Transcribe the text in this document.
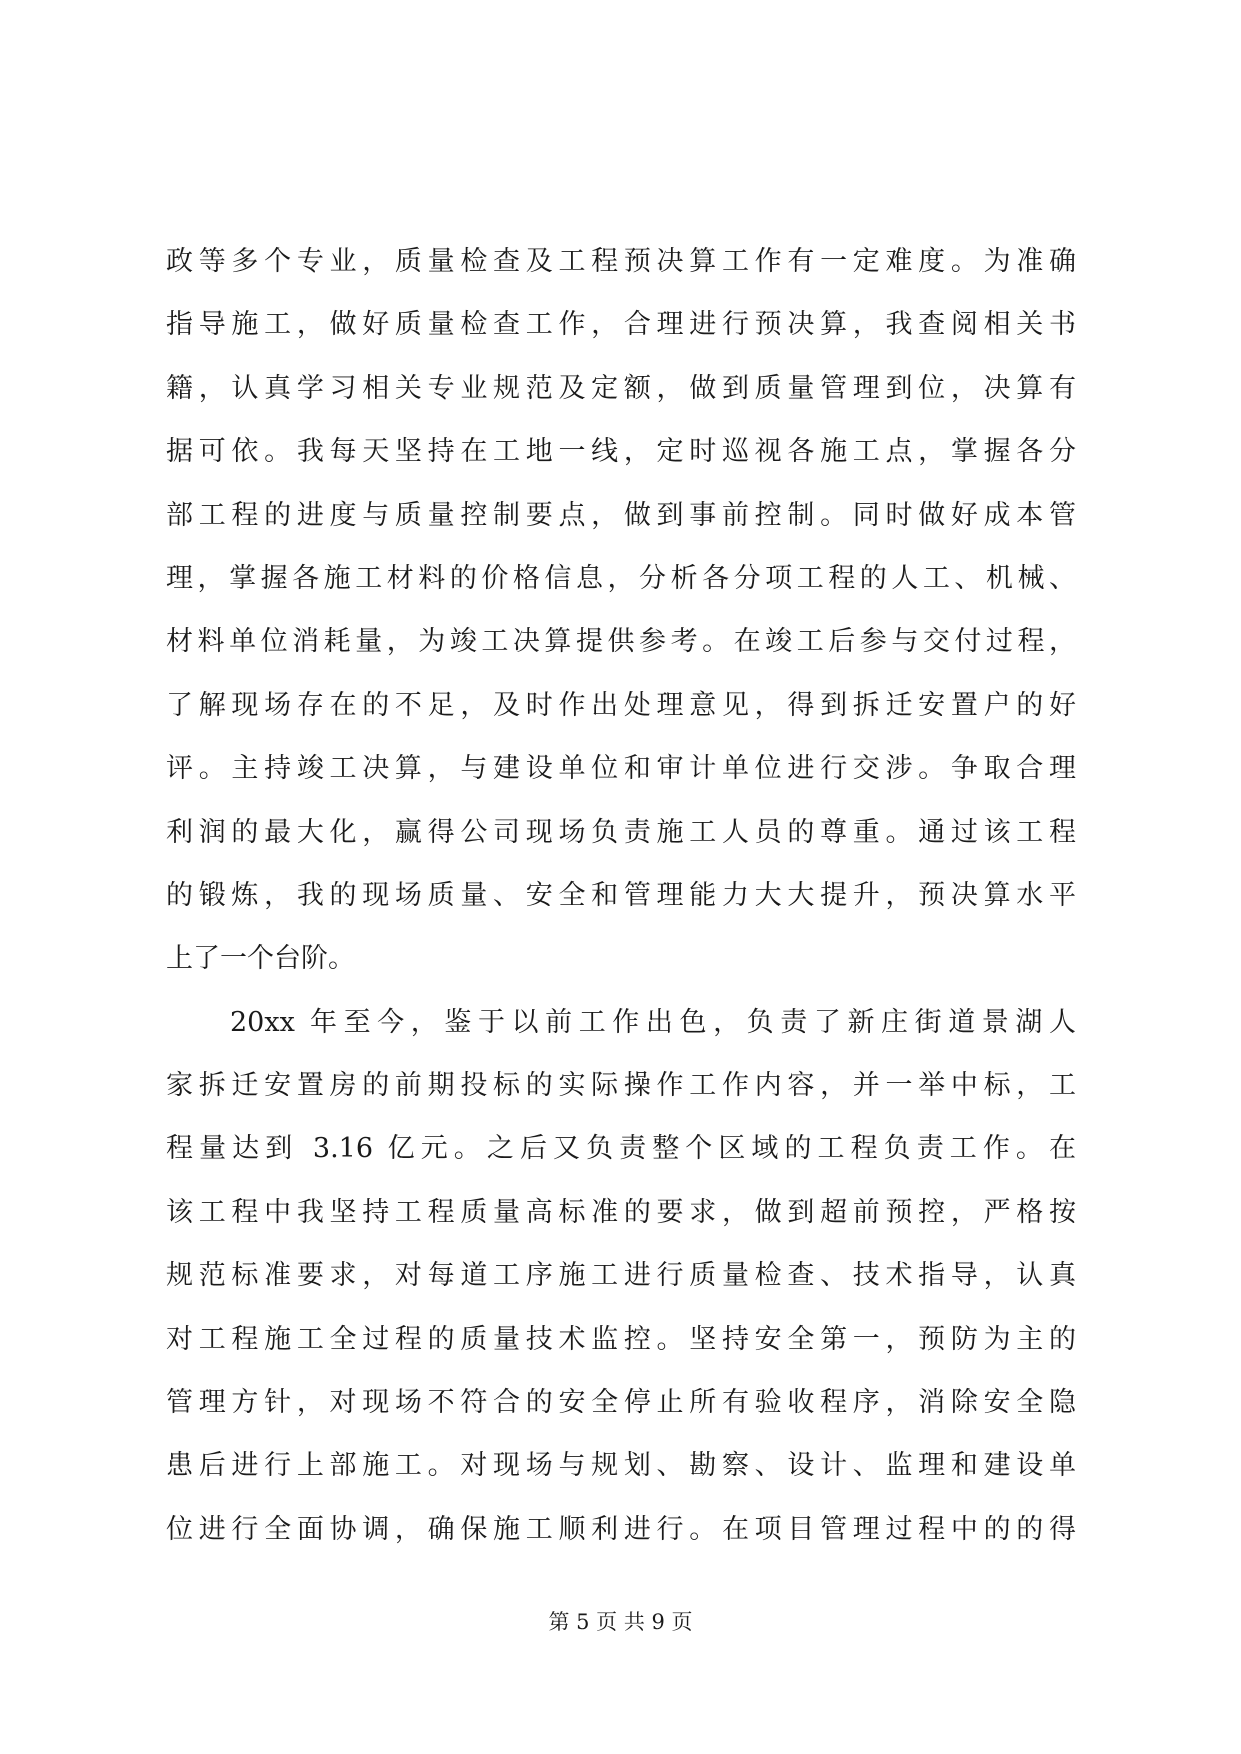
政等多个专业，质量检查及工程预决算工作有一定难度。为准确
指导施工，做好质量检查工作，合理进行预决算，我查阅相关书
籍，认真学习相关专业规范及定额，做到质量管理到位，决算有
据可依。我每天坚持在工地一线，定时巡视各施工点，掌握各分
部工程的进度与质量控制要点，做到事前控制。同时做好成本管
理，掌握各施工材料的价格信息，分析各分项工程的人工、机械、
材料单位消耗量，为竣工决算提供参考。在竣工后参与交付过程，
了解现场存在的不足，及时作出处理意见，得到拆迁安置户的好
评。主持竣工决算，与建设单位和审计单位进行交涉。争取合理
利润的最大化，赢得公司现场负责施工人员的尊重。通过该工程
的锻炼，我的现场质量、安全和管理能力大大提升，预决算水平
上了一个台阶。
20xx 年至今，鉴于以前工作出色，负责了新庄街道景湖人
家拆迁安置房的前期投标的实际操作工作内容，并一举中标，工
程量达到 3.16 亿元。之后又负责整个区域的工程负责工作。在
该工程中我坚持工程质量高标准的要求，做到超前预控，严格按
规范标准要求，对每道工序施工进行质量检查、技术指导，认真
对工程施工全过程的质量技术监控。坚持安全第一，预防为主的
管理方针，对现场不符合的安全停止所有验收程序，消除安全隐
患后进行上部施工。对现场与规划、勘察、设计、监理和建设单
位进行全面协调，确保施工顺利进行。在项目管理过程中的的得
第 5 页 共 9 页
